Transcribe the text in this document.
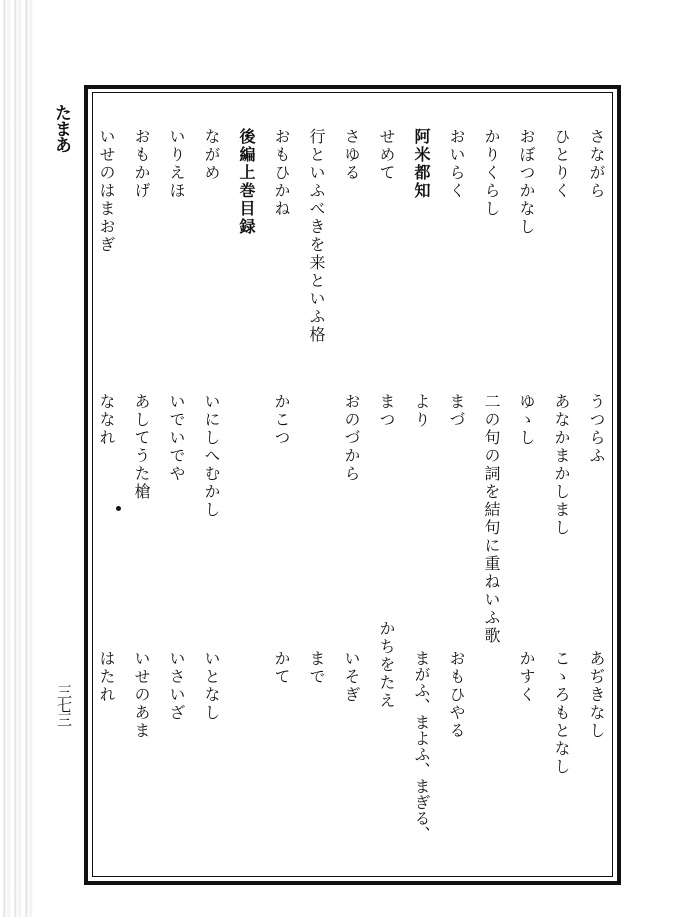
たまあ
三七三
さながら
うつらふ
あぢきなし
ひとりく
あなかまかしまし
こゝろもとなし
おぼつかなし
ゆゝし
かすく
かりくらし
二の句の詞を結句に重ねいふ歌
おいらく
まづ
おもひやる
阿米都知
より
まがふ、まよふ、まぎる、
せめて
まつ
かちをたえ
さゆる
おのづから
いそぎ
行といふべきを来といふ格
おもひかね
かこつ
まで
かて
後編上巻目録
ながめ
いにしへむかし
いとなし
いりえほ
いでいでや
いさいざ
おもかげ
あしてうた槍
いせのあま
いせのはまおぎ
ななれ
はたれ
